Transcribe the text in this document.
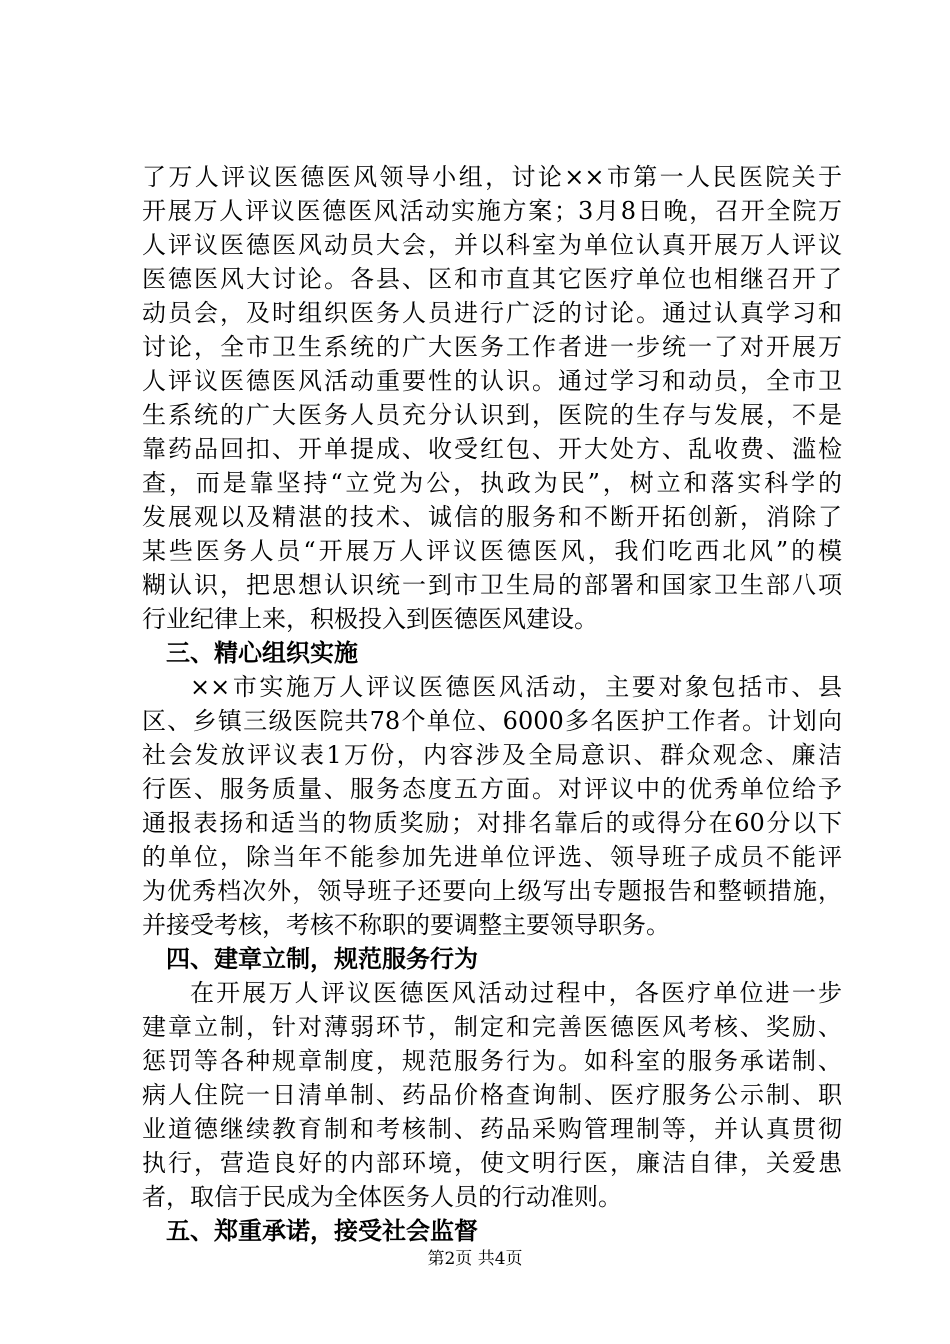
了万人评议医德医风领导小组，讨论××市第一人民医院关于
开展万人评议医德医风活动实施方案；3月8日晚，召开全院万
人评议医德医风动员大会，并以科室为单位认真开展万人评议
医德医风大讨论。各县、区和市直其它医疗单位也相继召开了
动员会，及时组织医务人员进行广泛的讨论。通过认真学习和
讨论，全市卫生系统的广大医务工作者进一步统一了对开展万
人评议医德医风活动重要性的认识。通过学习和动员，全市卫
生系统的广大医务人员充分认识到，医院的生存与发展，不是
靠药品回扣、开单提成、收受红包、开大处方、乱收费、滥检
查，而是靠坚持“立党为公，执政为民”，树立和落实科学的
发展观以及精湛的技术、诚信的服务和不断开拓创新，消除了
某些医务人员“开展万人评议医德医风，我们吃西北风”的模
糊认识，把思想认识统一到市卫生局的部署和国家卫生部八项
行业纪律上来，积极投入到医德医风建设。
三、精心组织实施
××市实施万人评议医德医风活动，主要对象包括市、县
区、乡镇三级医院共78个单位、6000多名医护工作者。计划向
社会发放评议表1万份，内容涉及全局意识、群众观念、廉洁
行医、服务质量、服务态度五方面。对评议中的优秀单位给予
通报表扬和适当的物质奖励；对排名靠后的或得分在60分以下
的单位，除当年不能参加先进单位评选、领导班子成员不能评
为优秀档次外，领导班子还要向上级写出专题报告和整顿措施，
并接受考核，考核不称职的要调整主要领导职务。
四、建章立制，规范服务行为
在开展万人评议医德医风活动过程中，各医疗单位进一步
建章立制，针对薄弱环节，制定和完善医德医风考核、奖励、
惩罚等各种规章制度，规范服务行为。如科室的服务承诺制、
病人住院一日清单制、药品价格查询制、医疗服务公示制、职
业道德继续教育制和考核制、药品采购管理制等，并认真贯彻
执行，营造良好的内部环境，使文明行医，廉洁自律，关爱患
者，取信于民成为全体医务人员的行动准则。
五、郑重承诺，接受社会监督
第2页 共4页
